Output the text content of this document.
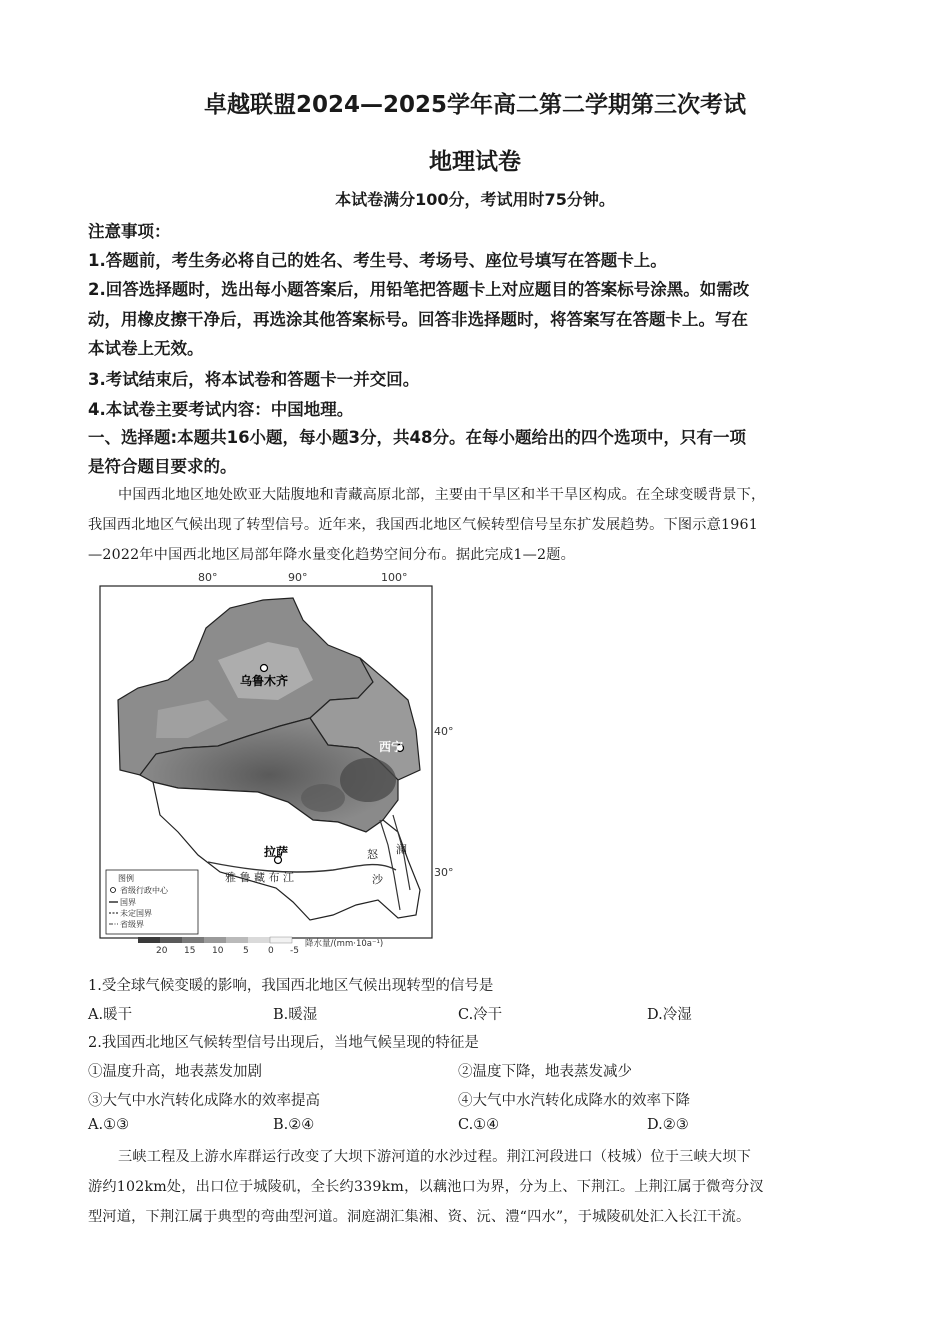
卓越联盟2024—2025学年高二第二学期第三次考试
地理试卷
本试卷满分100分，考试用时75分钟。
注意事项：
1.答题前，考生务必将自己的姓名、考生号、考场号、座位号填写在答题卡上。
2.回答选择题时，选出每小题答案后，用铅笔把答题卡上对应题目的答案标号涂黑。如需改
动，用橡皮擦干净后，再选涂其他答案标号。回答非选择题时，将答案写在答题卡上。写在
本试卷上无效。
3.考试结束后，将本试卷和答题卡一并交回。
4.本试卷主要考试内容：中国地理。
一、选择题:本题共16小题，每小题3分，共48分。在每小题给出的四个选项中，只有一项
是符合题目要求的。
中国西北地区地处欧亚大陆腹地和青藏高原北部，主要由干旱区和半干旱区构成。在全球变暖背景下，
我国西北地区气候出现了转型信号。近年来，我国西北地区气候转型信号呈东扩发展趋势。下图示意1961
—2022年中国西北地区局部年降水量变化趋势空间分布。据此完成1—2题。
80°	90°	100°
40°
30°
乌鲁木齐
西宁
拉萨
雅 鲁 藏 布 江
怒 澜
沙
图例
省级行政中心
国界
未定国界
省级界
20 15 10 5 0 -5
降水量/(mm·10a⁻¹)
1.受全球气候变暖的影响，我国西北地区气候出现转型的信号是
A.暖干	B.暖湿	C.冷干	D.冷湿
2.我国西北地区气候转型信号出现后，当地气候呈现的特征是
①温度升高，地表蒸发加剧	②温度下降，地表蒸发减少
③大气中水汽转化成降水的效率提高	④大气中水汽转化成降水的效率下降
A.①③	B.②④	C.①④	D.②③
三峡工程及上游水库群运行改变了大坝下游河道的水沙过程。荆江河段进口（枝城）位于三峡大坝下
游约102km处，出口位于城陵矶，全长约339km，以藕池口为界，分为上、下荆江。上荆江属于微弯分汊
型河道，下荆江属于典型的弯曲型河道。洞庭湖汇集湘、资、沅、澧“四水”，于城陵矶处汇入长江干流。
